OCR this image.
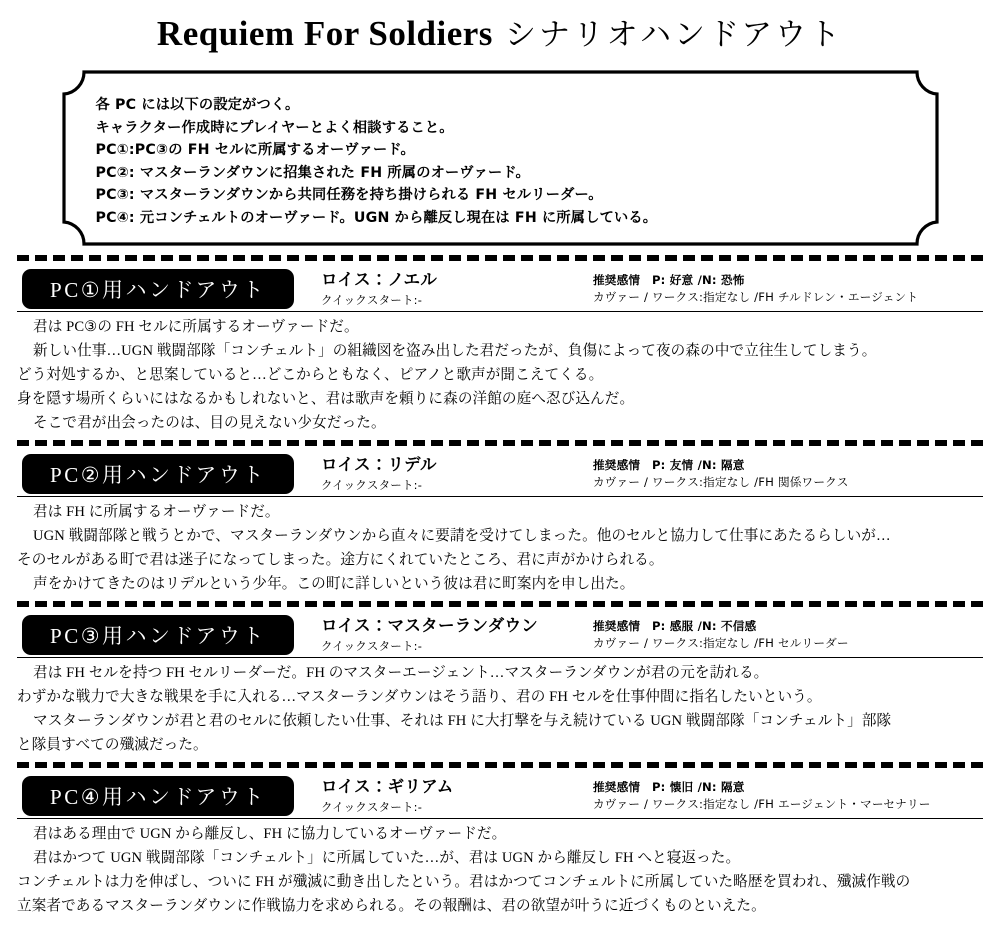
Requiem For Soldiers シナリオハンドアウト
各 PC には以下の設定がつく。
キャラクター作成時にプレイヤーとよく相談すること。
PC①:PC③の FH セルに所属するオーヴァード。
PC②: マスターランダウンに招集された FH 所属のオーヴァード。
PC③: マスターランダウンから共同任務を持ち掛けられる FH セルリーダー。
PC④: 元コンチェルトのオーヴァード。UGN から離反し現在は FH に所属している。
PC①用ハンドアウト	ロイス：ノエル
クイックスタート:-
推奨感情　P: 好意 /N: 恐怖
カヴァー / ワークス:指定なし /FH チルドレン・エージェント
君は PC③の FH セルに所属するオーヴァードだ。
新しい仕事…UGN 戦闘部隊「コンチェルト」の組織図を盗み出した君だったが、負傷によって夜の森の中で立往生してしまう。
どう対処するか、と思案していると…どこからともなく、ピアノと歌声が聞こえてくる。
身を隠す場所くらいにはなるかもしれないと、君は歌声を頼りに森の洋館の庭へ忍び込んだ。
そこで君が出会ったのは、目の見えない少女だった。
PC②用ハンドアウト	ロイス：リデル
クイックスタート:-
推奨感情　P: 友情 /N: 隔意
カヴァー / ワークス:指定なし /FH 関係ワークス
君は FH に所属するオーヴァードだ。
UGN 戦闘部隊と戦うとかで、マスターランダウンから直々に要請を受けてしまった。他のセルと協力して仕事にあたるらしいが…
そのセルがある町で君は迷子になってしまった。途方にくれていたところ、君に声がかけられる。
声をかけてきたのはリデルという少年。この町に詳しいという彼は君に町案内を申し出た。
PC③用ハンドアウト	ロイス：マスターランダウン
クイックスタート:-
推奨感情　P: 感服 /N: 不信感
カヴァー / ワークス:指定なし /FH セルリーダー
君は FH セルを持つ FH セルリーダーだ。FH のマスターエージェント…マスターランダウンが君の元を訪れる。
わずかな戦力で大きな戦果を手に入れる…マスターランダウンはそう語り、君の FH セルを仕事仲間に指名したいという。
マスターランダウンが君と君のセルに依頼したい仕事、それは FH に大打撃を与え続けている UGN 戦闘部隊「コンチェルト」部隊
と隊員すべての殲滅だった。
PC④用ハンドアウト	ロイス：ギリアム
クイックスタート:-
推奨感情　P: 懐旧 /N: 隔意
カヴァー / ワークス:指定なし /FH エージェント・マーセナリー
君はある理由で UGN から離反し、FH に協力しているオーヴァードだ。
君はかつて UGN 戦闘部隊「コンチェルト」に所属していた…が、君は UGN から離反し FH へと寝返った。
コンチェルトは力を伸ばし、ついに FH が殲滅に動き出したという。君はかつてコンチェルトに所属していた略歴を買われ、殲滅作戦の
立案者であるマスターランダウンに作戦協力を求められる。その報酬は、君の欲望が叶うに近づくものといえた。
